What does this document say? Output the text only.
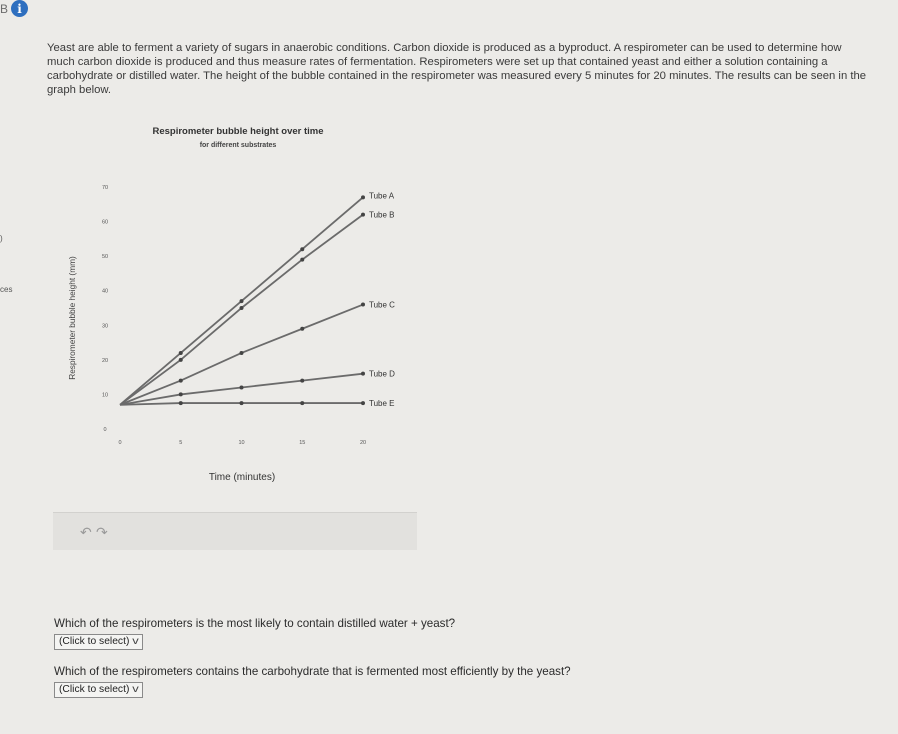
B i
)
ces

Yeast are able to ferment a variety of sugars in anaerobic conditions. Carbon dioxide is produced as a byproduct. A respirometer can be used to determine how much carbon dioxide is produced and thus measure rates of fermentation. Respirometers were set up that contained yeast and either a solution containing a carbohydrate or distilled water. The height of the bubble contained in the respirometer was measured every 5 minutes for 20 minutes. The results can be seen in the graph below.

Respirometer bubble height over time
for different substrates
0
10
20
30
40
50
60
70
0	5	10	15	20
Time (minutes)
Respirometer bubble height (mm)
Tube A
Tube B
Tube C
Tube D
Tube E
↶ ↷

Which of the respirometers is the most likely to contain distilled water + yeast?

(Click to select) v

Which of the respirometers contains the carbohydrate that is fermented most efficiently by the yeast?

(Click to select) v
